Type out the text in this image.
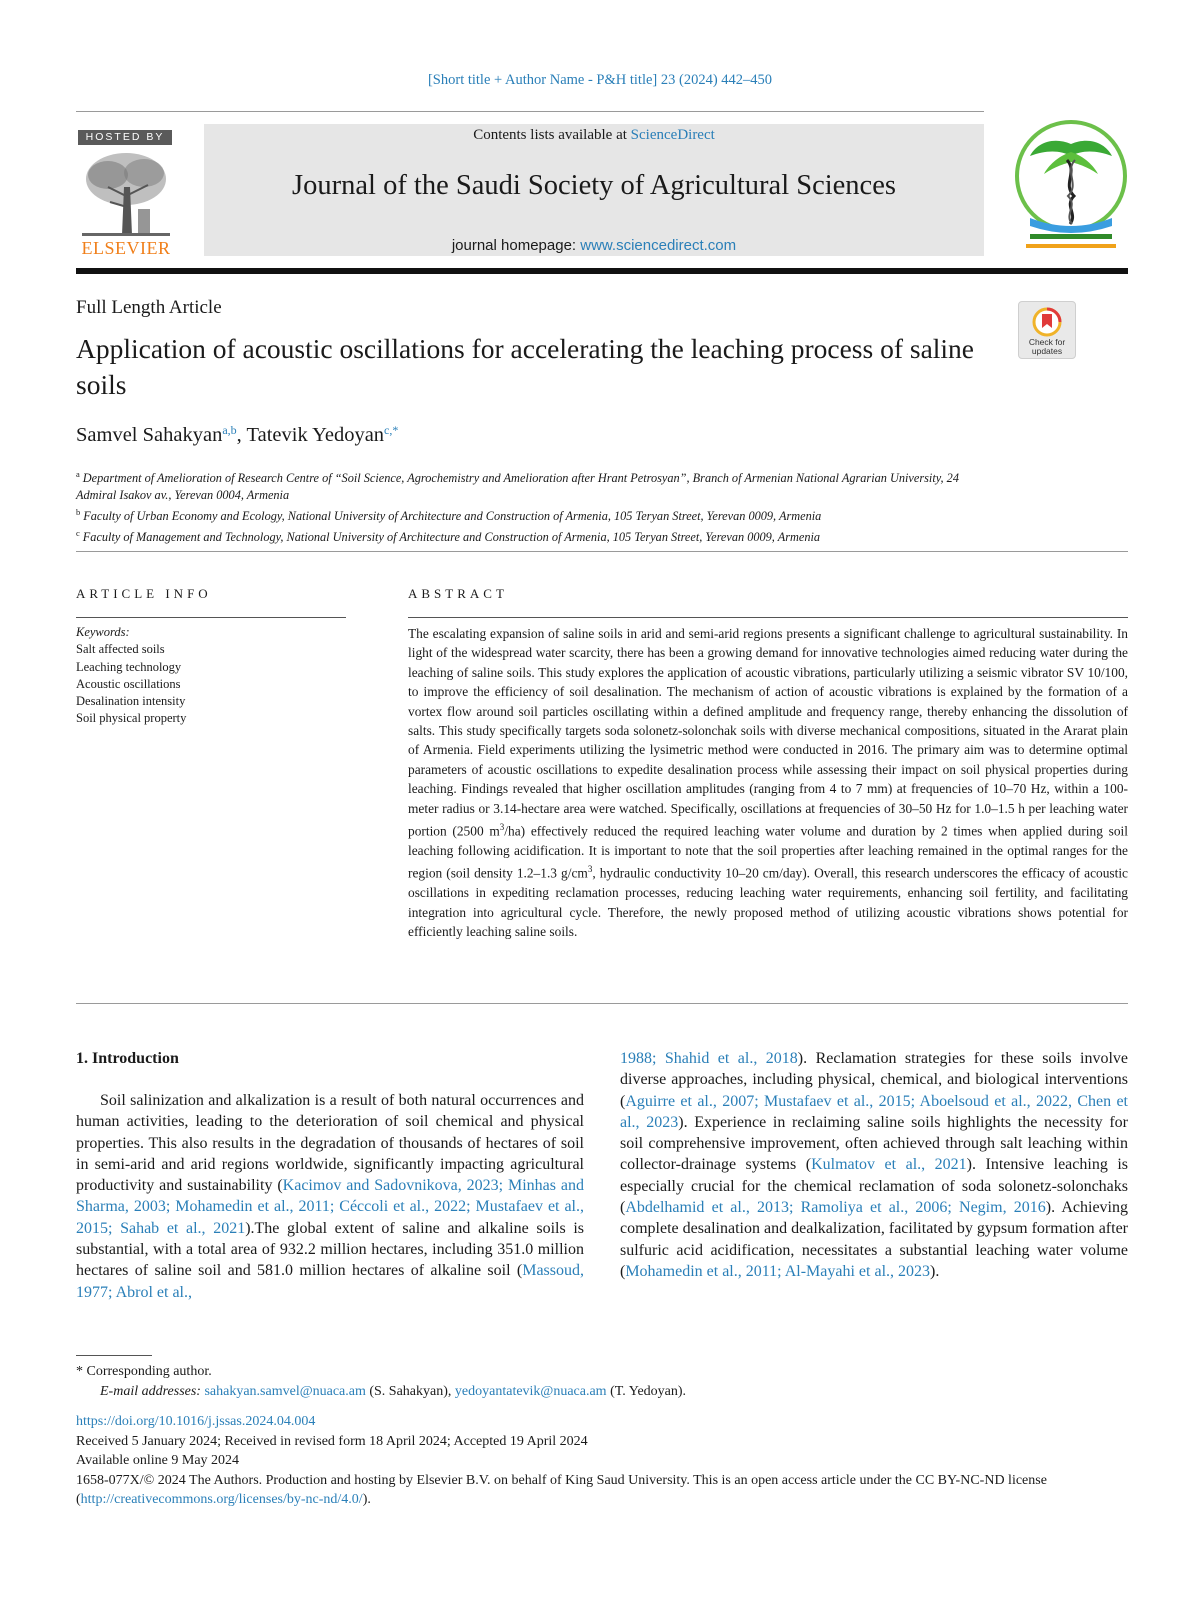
[Short title + Author Name - P&H title] 23 (2024) 442–450
HOSTED BY
ELSEVIER
Contents lists available at ScienceDirect
Journal of the Saudi Society of Agricultural Sciences
journal homepage: www.sciencedirect.com
Full Length Article
Check for updates
Application of acoustic oscillations for accelerating the leaching process of saline soils
Samvel Sahakyan$^{a,b}$, Tatevik Yedoyan$^{c,*}$

$^a$ Department of Amelioration of Research Centre of “Soil Science, Agrochemistry and Amelioration after Hrant Petrosyan”, Branch of Armenian National Agrarian University, 24 Admiral Isakov av., Yerevan 0004, Armenia

$^b$ Faculty of Urban Economy and Ecology, National University of Architecture and Construction of Armenia, 105 Teryan Street, Yerevan 0009, Armenia

$^c$ Faculty of Management and Technology, National University of Architecture and Construction of Armenia, 105 Teryan Street, Yerevan 0009, Armenia

ARTICLE INFO	ABSTRACT
Keywords:
Salt affected soils
Leaching technology
Acoustic oscillations
Desalination intensity
Soil physical property

The escalating expansion of saline soils in arid and semi-arid regions presents a significant challenge to agricultural sustainability. In light of the widespread water scarcity, there has been a growing demand for innovative technologies aimed reducing water during the leaching of saline soils. This study explores the application of acoustic vibrations, particularly utilizing a seismic vibrator SV 10/100, to improve the efficiency of soil desalination. The mechanism of action of acoustic vibrations is explained by the formation of a vortex flow around soil particles oscillating within a defined amplitude and frequency range, thereby enhancing the dissolution of salts. This study specifically targets soda solonetz-solonchak soils with diverse mechanical compositions, situated in the Ararat plain of Armenia. Field experiments utilizing the lysimetric method were conducted in 2016. The primary aim was to determine optimal parameters of acoustic oscillations to expedite desalination process while assessing their impact on soil physical properties during leaching. Findings revealed that higher oscillation amplitudes (ranging from 4 to 7 mm) at frequencies of 10–70 Hz, within a 100-meter radius or 3.14-hectare area were watched. Specifically, oscillations at frequencies of 30–50 Hz for 1.0–1.5 h per leaching water portion (2500 $m^3/ha$) effectively reduced the required leaching water volume and duration by 2 times when applied during soil leaching following acidification. It is important to note that the soil properties after leaching remained in the optimal ranges for the region (soil density 1.2–1.3 $g/cm^3$, hydraulic conductivity 10–20 cm/day). Overall, this research underscores the efficacy of acoustic oscillations in expediting reclamation processes, reducing leaching water requirements, enhancing soil fertility, and facilitating integration into agricultural cycle. Therefore, the newly proposed method of utilizing acoustic vibrations shows potential for efficiently leaching saline soils.

1. Introduction

Soil salinization and alkalization is a result of both natural occurrences and human activities, leading to the deterioration of soil chemical and physical properties. This also results in the degradation of thousands of hectares of soil in semi-arid and arid regions worldwide, significantly impacting agricultural productivity and sustainability (Kacimov and Sadovnikova, 2023; Minhas and Sharma, 2003; Mohamedin et al., 2011; Céccoli et al., 2022; Mustafaev et al., 2015; Sahab et al., 2021).The global extent of saline and alkaline soils is substantial, with a total area of 932.2 million hectares, including 351.0 million hectares of saline soil and 581.0 million hectares of alkaline soil (Massoud, 1977; Abrol et al.,

1988; Shahid et al., 2018). Reclamation strategies for these soils involve diverse approaches, including physical, chemical, and biological interventions (Aguirre et al., 2007; Mustafaev et al., 2015; Aboelsoud et al., 2022, Chen et al., 2023). Experience in reclaiming saline soils highlights the necessity for soil comprehensive improvement, often achieved through salt leaching within collector-drainage systems (Kulmatov et al., 2021). Intensive leaching is especially crucial for the chemical reclamation of soda solonetz-solonchaks (Abdelhamid et al., 2013; Ramoliya et al., 2006; Negim, 2016). Achieving complete desalination and dealkalization, facilitated by gypsum formation after sulfuric acid acidification, necessitates a substantial leaching water volume (Mohamedin et al., 2011; Al-Mayahi et al., 2023).

* Corresponding author.
E-mail addresses: sahakyan.samvel@nuaca.am (S. Sahakyan), yedoyantatevik@nuaca.am (T. Yedoyan).

https://doi.org/10.1016/j.jssas.2024.04.004

Received 5 January 2024; Received in revised form 18 April 2024; Accepted 19 April 2024

Available online 9 May 2024

1658-077X/© 2024 The Authors. Production and hosting by Elsevier B.V. on behalf of King Saud University. This is an open access article under the CC BY-NC-ND license (http://creativecommons.org/licenses/by-nc-nd/4.0/).
